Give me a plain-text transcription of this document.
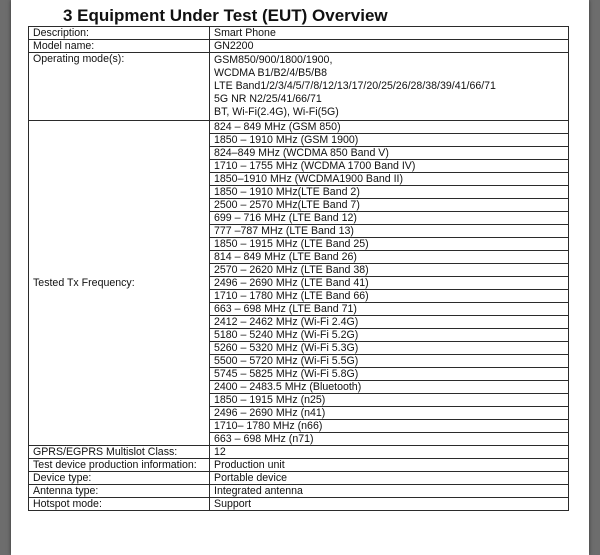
3 Equipment Under Test (EUT) Overview
Description:	Smart Phone
Model name:	GN2200
Operating mode(s):	GSM850/900/1800/1900,
WCDMA B1/B2/4/B5/B8
LTE Band1/2/3/4/5/7/8/12/13/17/20/25/26/28/38/39/41/66/71
5G NR N2/25/41/66/71
BT, Wi-Fi(2.4G), Wi-Fi(5G)

Tested Tx Frequency:	824 – 849 MHz (GSM 850)
	1850 – 1910 MHz (GSM 1900)
	824–849 MHz (WCDMA 850 Band V)
	1710 – 1755 MHz (WCDMA 1700 Band IV)
	1850–1910 MHz (WCDMA1900 Band II)
	1850 – 1910 MHz(LTE Band 2)
	2500 – 2570 MHz(LTE Band 7)
	699 – 716 MHz (LTE Band 12)
	777 –787 MHz (LTE Band 13)
	1850 – 1915 MHz (LTE Band 25)
	814 – 849 MHz (LTE Band 26)
	2570 – 2620 MHz (LTE Band 38)
	2496 – 2690 MHz (LTE Band 41)
	1710 – 1780 MHz (LTE Band 66)
	663 – 698 MHz (LTE Band 71)
	2412 – 2462 MHz (Wi-Fi 2.4G)
	5180 – 5240 MHz (Wi-Fi 5.2G)
	5260 – 5320 MHz (Wi-Fi 5.3G)
	5500 – 5720 MHz (Wi-Fi 5.5G)
	5745 – 5825 MHz (Wi-Fi 5.8G)
	2400 – 2483.5 MHz (Bluetooth)
	1850 – 1915 MHz (n25)
	2496 – 2690 MHz (n41)
	1710– 1780 MHz (n66)
	663 – 698 MHz (n71)
GPRS/EGPRS Multislot Class:	12
Test device production information:	Production unit
Device type:	Portable device
Antenna type:	Integrated antenna
Hotspot mode:	Support
